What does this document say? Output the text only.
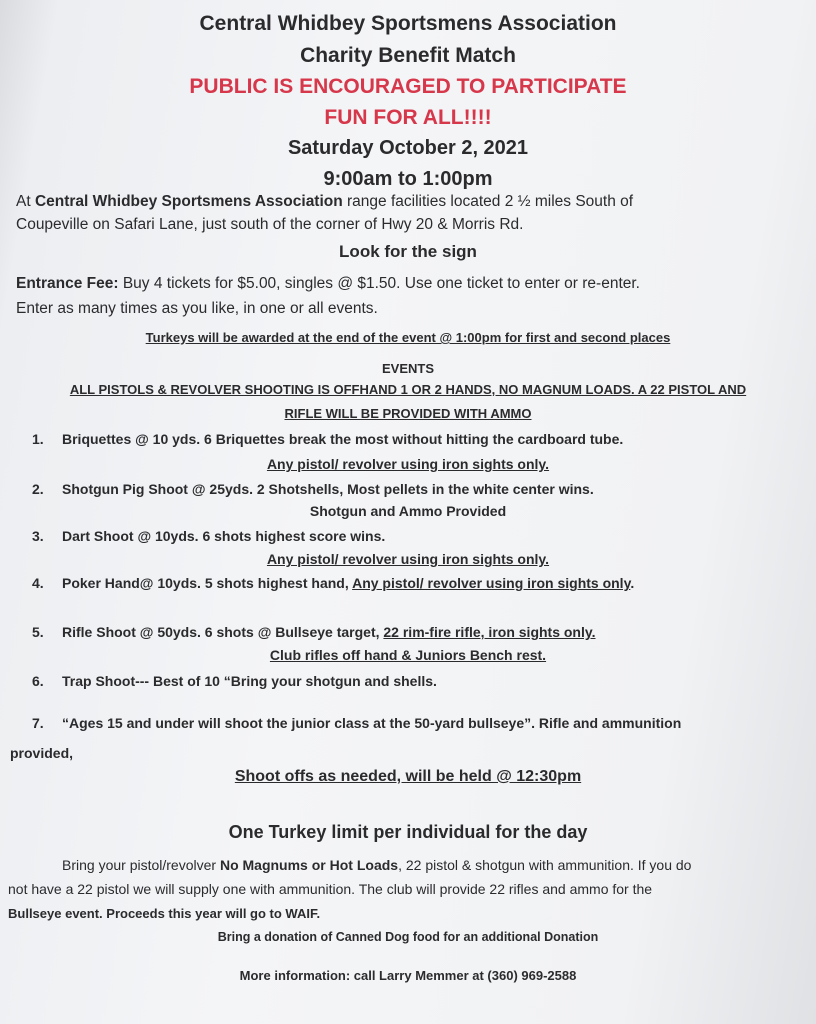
Central Whidbey Sportsmens Association
Charity Benefit Match
PUBLIC IS ENCOURAGED TO PARTICIPATE
FUN FOR ALL!!!!
Saturday October 2, 2021
9:00am to 1:00pm
At Central Whidbey Sportsmens Association range facilities located 2 ½ miles South of
Coupeville on Safari Lane, just south of the corner of Hwy 20 & Morris Rd.
Look for the sign
Entrance Fee: Buy 4 tickets for $5.00, singles @ $1.50. Use one ticket to enter or re-enter.
Enter as many times as you like, in one or all events.
Turkeys will be awarded at the end of the event @ 1:00pm for first and second places
EVENTS
ALL PISTOLS & REVOLVER SHOOTING IS OFFHAND 1 OR 2 HANDS, NO MAGNUM LOADS. A 22 PISTOL AND
RIFLE WILL BE PROVIDED WITH AMMO
1. Briquettes @ 10 yds. 6 Briquettes break the most without hitting the cardboard tube.
Any pistol/ revolver using iron sights only.
2. Shotgun Pig Shoot @ 25yds. 2 Shotshells, Most pellets in the white center wins.
Shotgun and Ammo Provided
3. Dart Shoot @ 10yds. 6 shots highest score wins.
Any pistol/ revolver using iron sights only.
4. Poker Hand@ 10yds. 5 shots highest hand, Any pistol/ revolver using iron sights only.
5. Rifle Shoot @ 50yds. 6 shots @ Bullseye target, 22 rim-fire rifle, iron sights only.
Club rifles off hand & Juniors Bench rest.
6. Trap Shoot--- Best of 10 “Bring your shotgun and shells.
7. “Ages 15 and under will shoot the junior class at the 50-yard bullseye”. Rifle and ammunition
provided,
Shoot offs as needed, will be held @ 12:30pm
One Turkey limit per individual for the day
Bring your pistol/revolver No Magnums or Hot Loads, 22 pistol & shotgun with ammunition. If you do
not have a 22 pistol we will supply one with ammunition. The club will provide 22 rifles and ammo for the
Bullseye event. Proceeds this year will go to WAIF.
Bring a donation of Canned Dog food for an additional Donation
More information: call Larry Memmer at (360) 969-2588
